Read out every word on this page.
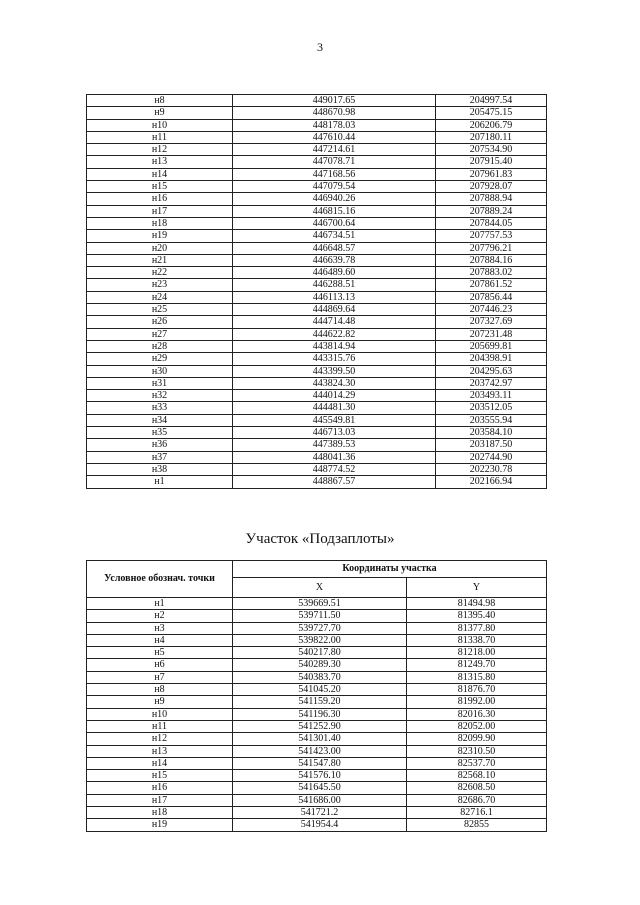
3
н8	449017.65	204997.54
н9	448670.98	205475.15
н10	448178.03	206206.79
н11	447610.44	207180.11
н12	447214.61	207534.90
н13	447078.71	207915.40
н14	447168.56	207961.83
н15	447079.54	207928.07
н16	446940.26	207888.94
н17	446815.16	207889.24
н18	446700.64	207844.05
н19	446734.51	207757.53
н20	446648.57	207796.21
н21	446639.78	207884.16
н22	446489.60	207883.02
н23	446288.51	207861.52
н24	446113.13	207856.44
н25	444869.64	207446.23
н26	444714.48	207327.69
н27	444622.82	207231.48
н28	443814.94	205699.81
н29	443315.76	204398.91
н30	443399.50	204295.63
н31	443824.30	203742.97
н32	444014.29	203493.11
н33	444481.30	203512.05
н34	445549.81	203555.94
н35	446713.03	203584.10
н36	447389.53	203187.50
н37	448041.36	202744.90
н38	448774.52	202230.78
н1	448867.57	202166.94
Участок «Подзаплоты»
Условное обознач. точки	Координаты участка	
	X	Y
н1	539669.51	81494.98
н2	539711.50	81395.40
н3	539727.70	81377.80
н4	539822.00	81338.70
н5	540217.80	81218.00
н6	540289.30	81249.70
н7	540383.70	81315.80
н8	541045.20	81876.70
н9	541159.20	81992.00
н10	541196.30	82016.30
н11	541252.90	82052.00
н12	541301.40	82099.90
н13	541423.00	82310.50
н14	541547.80	82537.70
н15	541576.10	82568.10
н16	541645.50	82608.50
н17	541686.00	82686.70
н18	541721.2	82716.1
н19	541954.4	82855
